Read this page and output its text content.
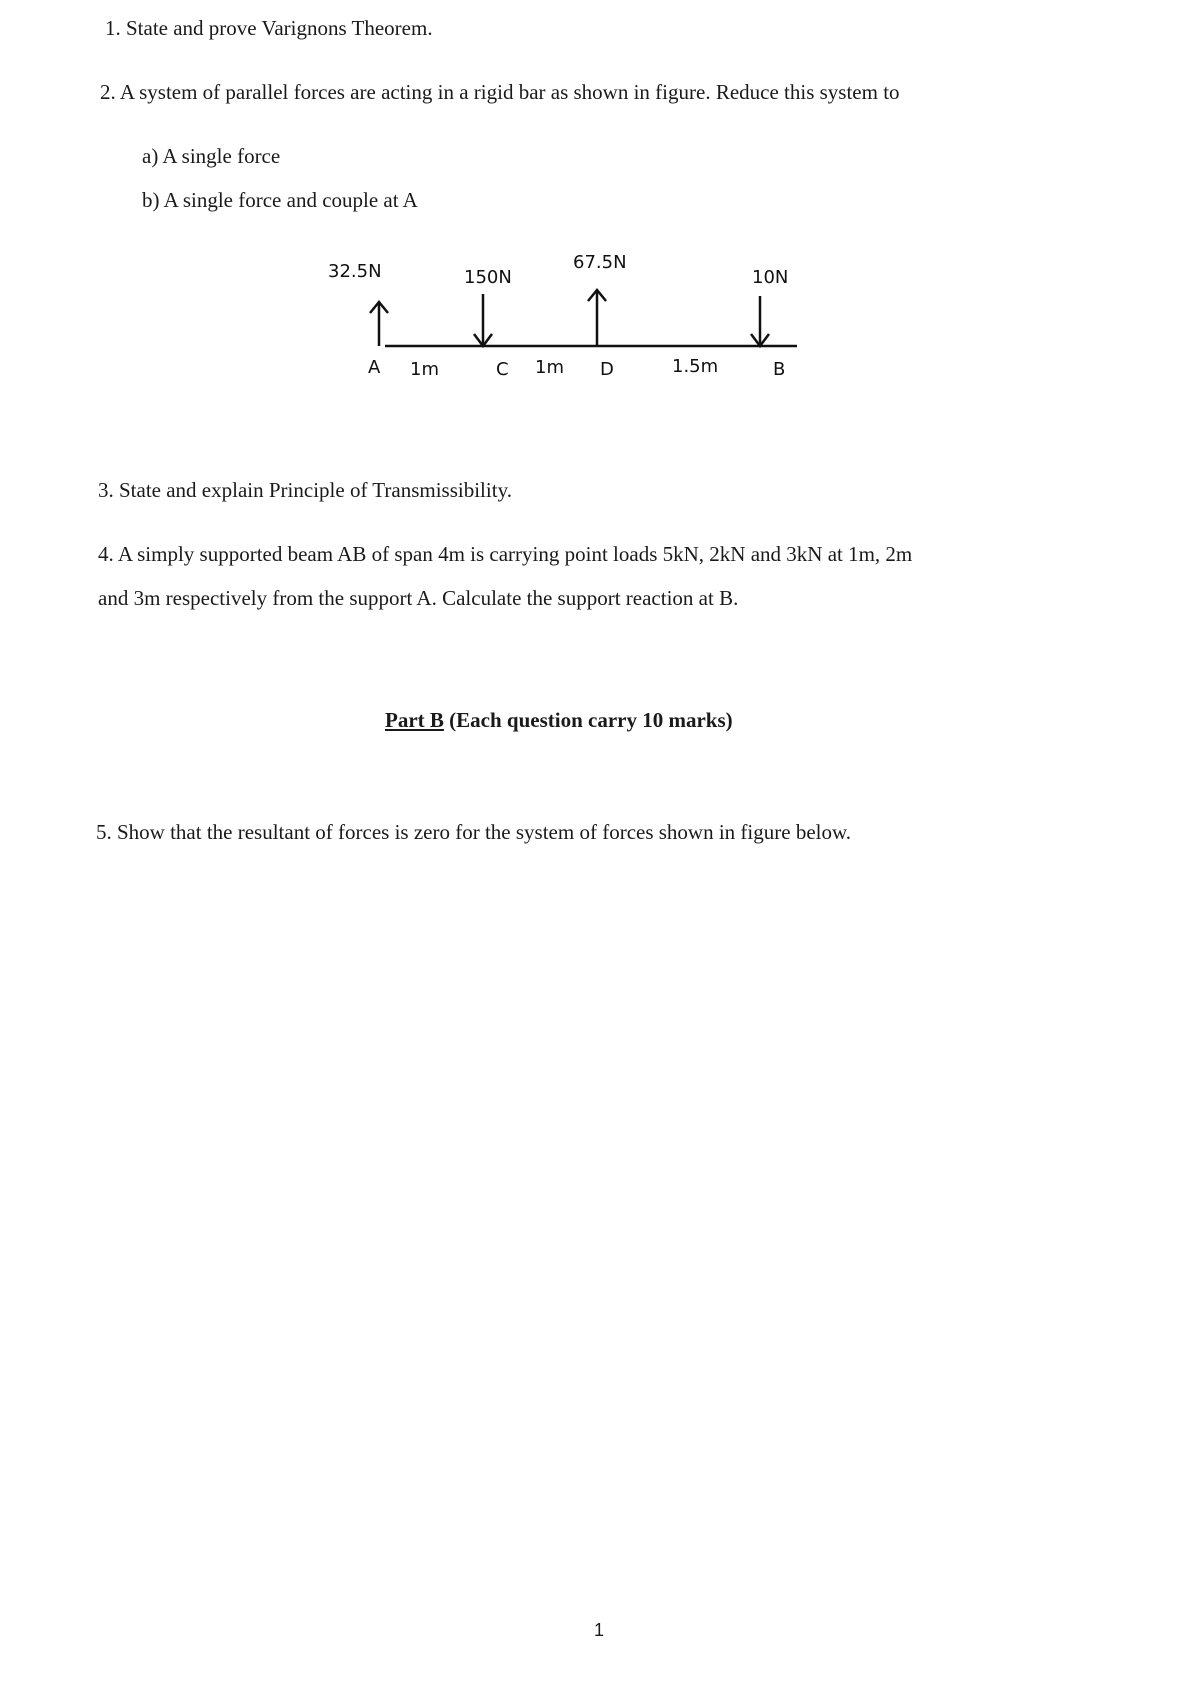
1. State and prove Varignons Theorem.
2. A system of parallel forces are acting in a rigid bar as shown in figure. Reduce this system to
a) A single force
b) A single force and couple at A
32.5N	150N
67.5N
10N
A	C	D	B
1m	1m	1.5m
3. State and explain Principle of Transmissibility.
4. A simply supported beam AB of span 4m is carrying point loads 5kN, 2kN and 3kN at 1m, 2m
and 3m respectively from the support A. Calculate the support reaction at B.
Part B (Each question carry 10 marks)
5. Show that the resultant of forces is zero for the system of forces shown in figure below.
1
